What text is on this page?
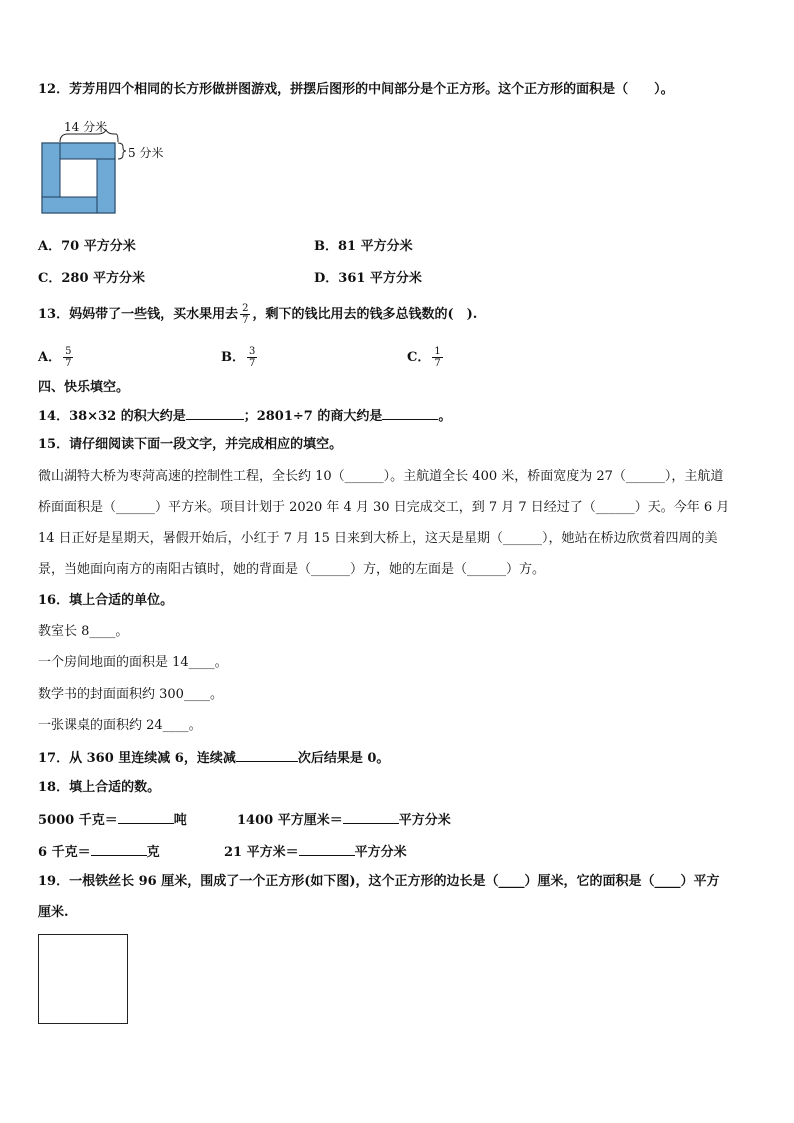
12．芳芳用四个相同的长方形做拼图游戏，拼摆后图形的中间部分是个正方形。这个正方形的面积是（　　）。
14 分米
5 分米
A．70 平方分米	B．81 平方分米
C．280 平方分米	D．361 平方分米
13．妈妈带了一些钱，买水果用去 $\frac{2}{7}$ ，剩下的钱比用去的钱多总钱数的(　).
A． $\frac{5}{7}$	B． $\frac{3}{7}$	C． $\frac{1}{7}$
四、快乐填空。
14．38×32 的积大约是	；2801÷7 的商大约是	。
15．请仔细阅读下面一段文字，并完成相应的填空。
微山湖特大桥为枣菏高速的控制性工程，全长约 10（______）。主航道全长 400 米，桥面宽度为 27（______），主航道
桥面面积是（______）平方米。项目计划于 2020 年 4 月 30 日完成交工，到 7 月 7 日经过了（______）天。今年 6 月
14 日正好是星期天，暑假开始后，小红于 7 月 15 日来到大桥上，这天是星期（______），她站在桥边欣赏着四周的美
景，当她面向南方的南阳古镇时，她的背面是（______）方，她的左面是（______）方。
16．填上合适的单位。
教室长 8____。
一个房间地面的面积是 14____。
数学书的封面面积约 300____。
一张课桌的面积约 24____。
17．从 360 里连续减 6，连续减	次后结果是 0。
18．填上合适的数。
5000 千克＝	吨	1400 平方厘米＝	平方分米
6 千克＝	克	21 平方米＝	平方分米
19．一根铁丝长 96 厘米，围成了一个正方形(如下图)，这个正方形的边长是（____）厘米，它的面积是（____）平方
厘米.
